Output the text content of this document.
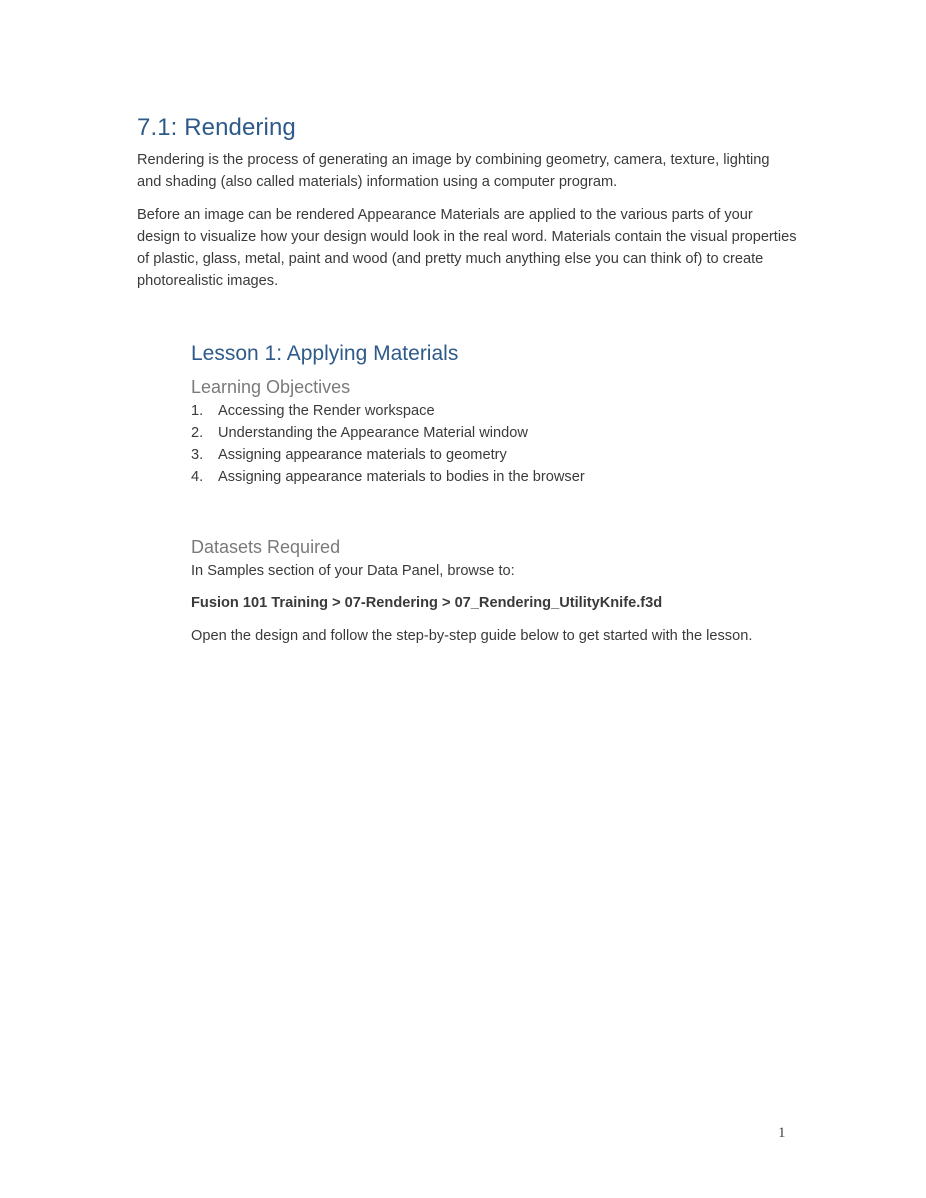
7.1: Rendering

Rendering is the process of generating an image by combining geometry, camera, texture, lighting and shading (also called materials) information using a computer program.

Before an image can be rendered Appearance Materials are applied to the various parts of your design to visualize how your design would look in the real word. Materials contain the visual properties of plastic, glass, metal, paint and wood (and pretty much anything else you can think of) to create photorealistic images.

Lesson 1: Applying Materials
Learning Objectives
1.	Accessing the Render workspace
2.	Understanding the Appearance Material window
3.	Assigning appearance materials to geometry
4.	Assigning appearance materials to bodies in the browser
Datasets Required

In Samples section of your Data Panel, browse to:

Fusion 101 Training > 07-Rendering > 07_Rendering_UtilityKnife.f3d

Open the design and follow the step-by-step guide below to get started with the lesson.

1
